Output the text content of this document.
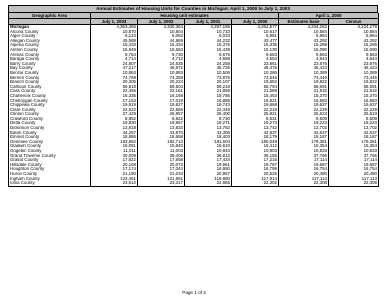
Annual Estimates of Housing Units for Counties in Michigan: April 1, 2000 to July 1, 2003
Geographic Area	Housing unit estimates				April 1, 2000	
	July 1, 2003	July 1, 2002	July 1, 2001	July 1, 2000	Estimates base	Census
Michigan	4,363,456	4,340,364	4,297,185	4,262,677	4,234,252	4,234,279
Alcona County	10,870	10,804	10,733	10,617	10,584	10,584
Alger County	6,123	6,083	6,033	5,981	5,964	5,964
Allegan County	45,588	44,869	44,232	43,477	43,292	43,292
Alpena County	15,433	15,434	15,376	15,336	15,289	15,289
Antrim County	15,949	15,663	15,438	15,130	15,090	15,090
Arenac County	9,764	9,730	9,676	9,583	9,563	9,563
Baraga County	4,714	4,712	4,688	4,653	4,643	4,643
Barry County	24,807	24,635	24,258	23,861	23,876	23,876
Bay County	47,217	46,972	46,726	46,476	46,423	46,423
Benzie County	10,863	10,883	10,506	10,386	10,389	10,389
Berrien County	74,769	74,359	73,876	73,546	73,445	73,445
Branch County	20,305	20,224	20,107	19,652	19,822	19,822
Calhoun County	59,818	59,504	59,218	58,794	58,691	58,691
Cass County	22,455	22,161	21,856	21,589	21,532	21,532
Charlevoix County	16,335	16,168	15,786	15,453	15,370	15,370
Cheboygan County	17,153	17,019	16,885	16,621	16,583	16,583
Chippewa County	19,919	19,827	19,743	19,668	19,637	19,637
Clare County	22,622	22,566	22,449	22,219	22,229	22,229
Clinton County	27,429	26,957	26,400	25,821	25,623	25,623
Crawford County	8,852	8,822	8,730	8,531	8,509	8,509
Delta County	19,830	19,857	19,271	19,273	19,223	19,223
Dickinson County	13,818	13,833	13,762	13,742	13,702	13,702
Eaton County	44,257	43,870	43,306	42,837	42,637	42,637
Emmet County	18,886	18,658	18,403	18,179	18,187	18,187
Genesee County	183,862	182,713	181,604	180,049	179,381	179,381
Gladwin County	16,081	15,840	15,610	15,412	15,354	15,354
Gogebic County	11,011	11,003	10,943	10,903	10,833	10,833
Grand Traverse County	40,009	39,406	38,812	38,155	37,766	37,766
Gratiot County	17,822	17,658	17,434	17,215	17,114	17,114
Hillsdale County	20,168	20,073	19,961	19,787	19,687	19,687
Houghton County	17,174	17,044	16,950	16,799	16,754	16,754
Huron County	21,190	21,033	20,867	20,525	20,480	20,480
Ingham County	123,451	121,851	119,880	117,914	117,113	117,113
Ionia County	23,612	23,317	22,865	22,302	22,308	22,308
Page 1 of 3
